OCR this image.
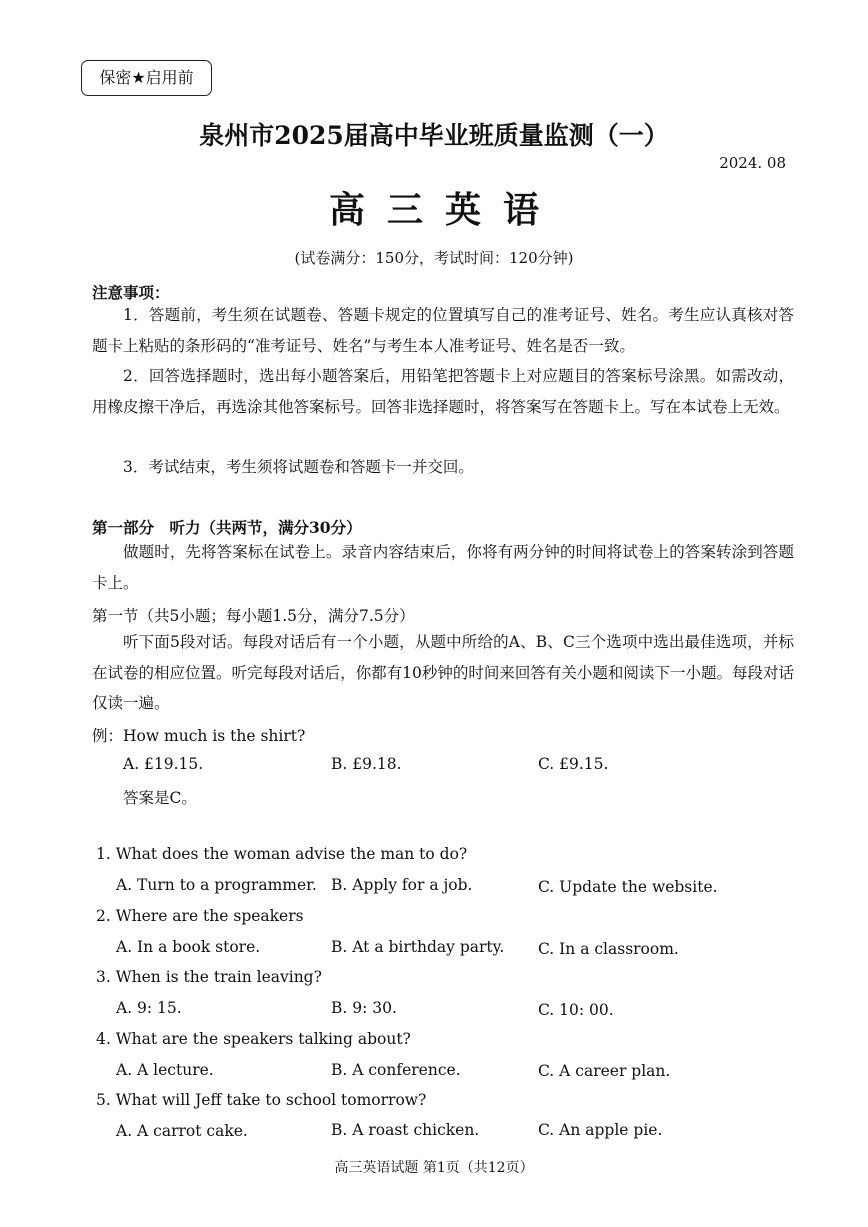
保密★启用前
泉州市2025届高中毕业班质量监测（一）
2024. 08
高三英语
(试卷满分：150分，考试时间：120分钟)
注意事项：
1．答题前，考生须在试题卷、答题卡规定的位置填写自己的准考证号、姓名。考生应认真核对答题卡上粘贴的条形码的“准考证号、姓名”与考生本人准考证号、姓名是否一致。
2．回答选择题时，选出每小题答案后，用铅笔把答题卡上对应题目的答案标号涂黑。如需改动，用橡皮擦干净后，再选涂其他答案标号。回答非选择题时，将答案写在答题卡上。写在本试卷上无效。
3．考试结束，考生须将试题卷和答题卡一并交回。
第一部分　听力（共两节，满分30分）
做题时，先将答案标在试卷上。录音内容结束后，你将有两分钟的时间将试卷上的答案转涂到答题卡上。
第一节（共5小题；每小题1.5分，满分7.5分）
听下面5段对话。每段对话后有一个小题，从题中所给的A、B、C三个选项中选出最佳选项，并标在试卷的相应位置。听完每段对话后，你都有10秒钟的时间来回答有关小题和阅读下一小题。每段对话仅读一遍。
例：How much is the shirt?
A. £19.15.	B. £9.18.	C. £9.15.
答案是C。
1. What does the woman advise the man to do?
A. Turn to a programmer. B. Apply for a job.	C. Update the website.
2. Where are the speakers
A. In a book store.	B. At a birthday party. C. In a classroom.
3. When is the train leaving?
A. 9: 15.	B. 9: 30.	C. 10: 00.
4. What are the speakers talking about?
A. A lecture.	B. A conference.	C. A career plan.
5. What will Jeff take to school tomorrow?
A. A carrot cake.	B. A roast chicken.	C. An apple pie.
高三英语试题 第1页（共12页）
